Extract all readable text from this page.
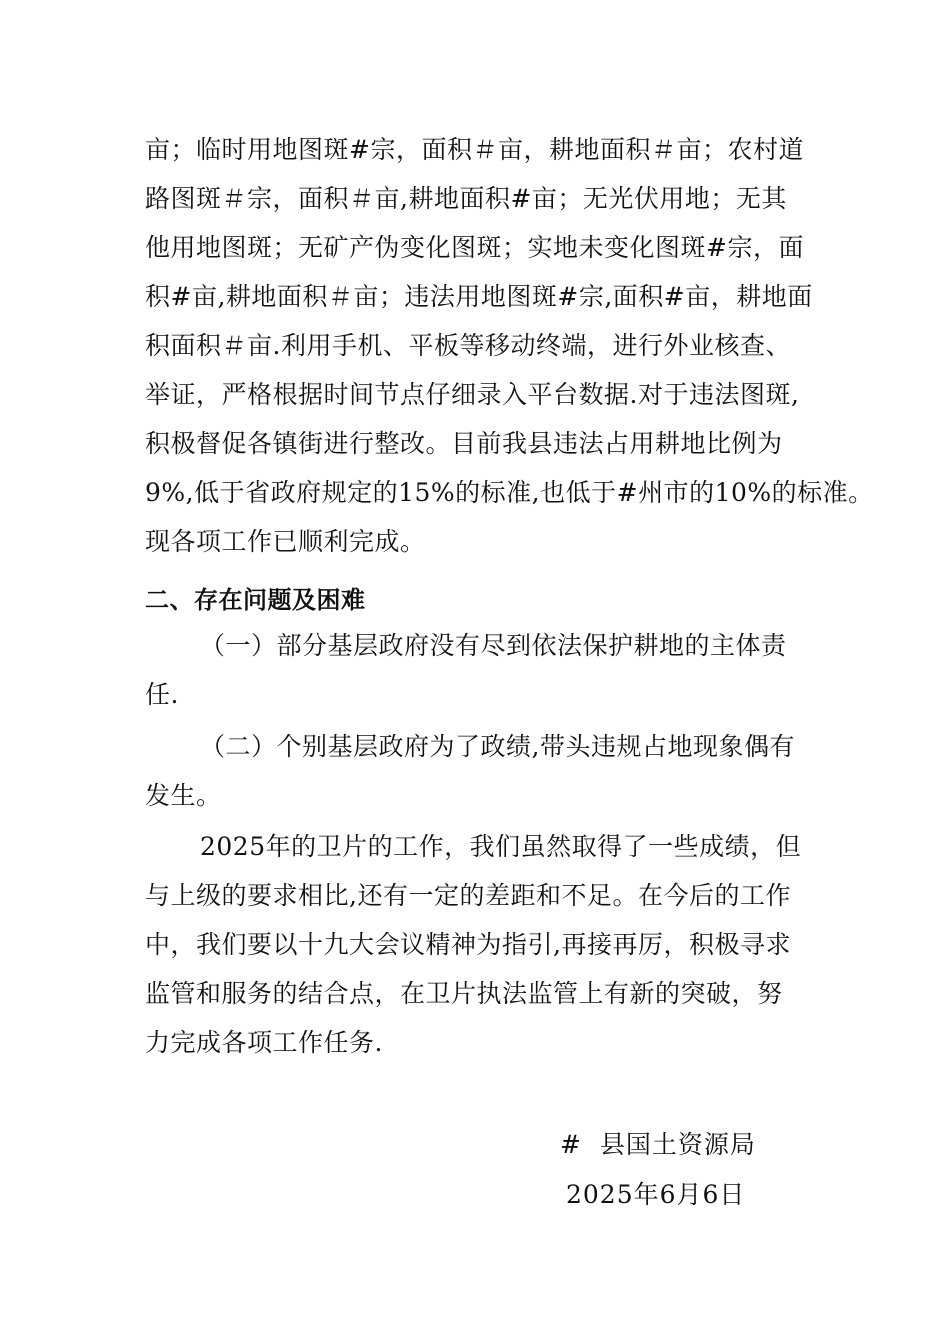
亩；临时用地图斑#宗，面积＃亩，耕地面积＃亩；农村道
路图斑＃宗，面积＃亩,耕地面积#亩；无光伏用地；无其
他用地图斑；无矿产伪变化图斑；实地未变化图斑#宗，面
积#亩,耕地面积＃亩；违法用地图斑#宗,面积#亩，耕地面
积面积＃亩.利用手机、平板等移动终端，进行外业核查、
举证，严格根据时间节点仔细录入平台数据.对于违法图斑,
积极督促各镇街进行整改。目前我县违法占用耕地比例为
9%,低于省政府规定的15%的标准,也低于#州市的10%的标准。
现各项工作已顺利完成。
二、存在问题及困难
（一）部分基层政府没有尽到依法保护耕地的主体责
任.
（二）个别基层政府为了政绩,带头违规占地现象偶有
发生。
2025年的卫片的工作，我们虽然取得了一些成绩，但
与上级的要求相比,还有一定的差距和不足。在今后的工作
中，我们要以十九大会议精神为指引,再接再厉，积极寻求
监管和服务的结合点，在卫片执法监管上有新的突破，努
力完成各项工作任务.
#  县国土资源局
2025年6月6日
